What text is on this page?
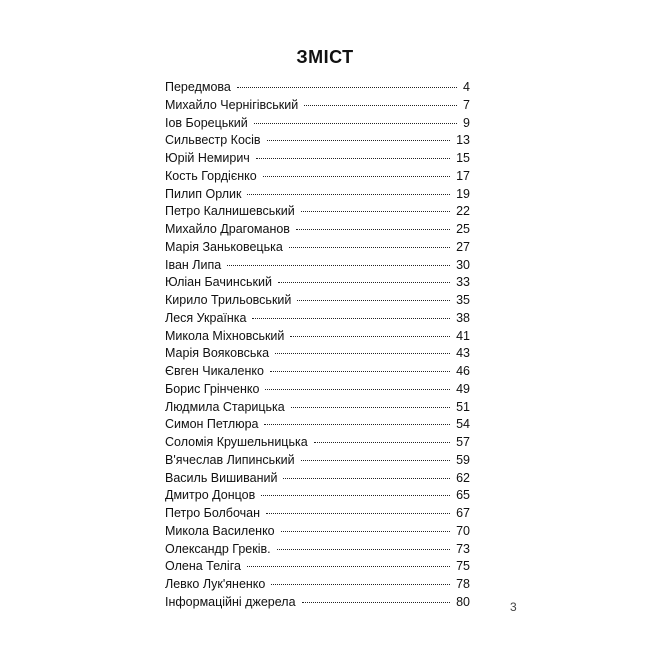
ЗМІСТ
Передмова	4
Михайло Чернігівський	7
Іов Борецький	9
Сильвестр Косів	13
Юрій Немирич	15
Кость Гордієнко	17
Пилип Орлик	19
Петро Калнишевський	22
Михайло Драгоманов	25
Марія Заньковецька	27
Іван Липа	30
Юліан Бачинський	33
Кирило Трильовський	35
Леся Українка	38
Микола Міхновський	41
Марія Вояковська	43
Євген Чикаленко	46
Борис Грінченко	49
Людмила Старицька	51
Симон Петлюра	54
Соломія Крушельницька	57
В'ячеслав Липинський	59
Василь Вишиваний	62
Дмитро Донцов	65
Петро Болбочан	67
Микола Василенко	70
Олександр Греків.	73
Олена Теліга	75
Левко Лук'яненко	78
Інформаційні джерела	80	3
